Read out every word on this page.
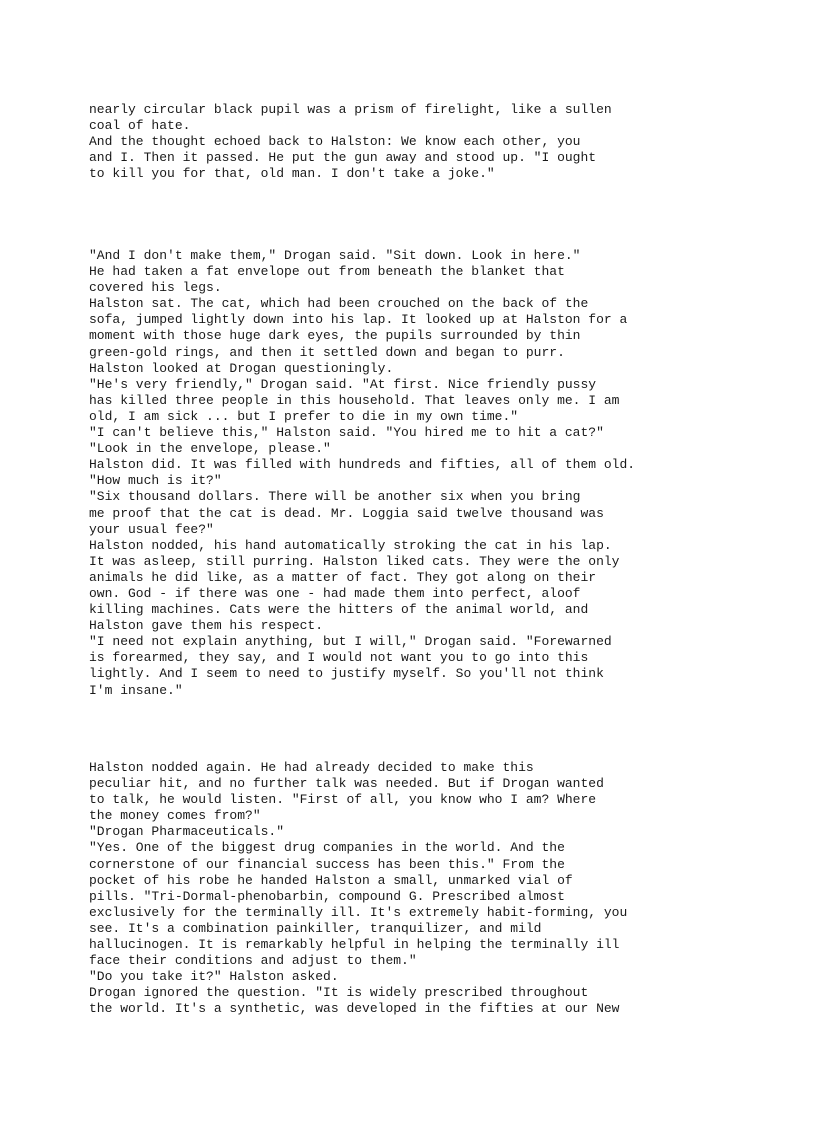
nearly circular black pupil was a prism of firelight, like a sullen
coal of hate.
And the thought echoed back to Halston: We know each other, you
and I. Then it passed. He put the gun away and stood up. "I ought
to kill you for that, old man. I don't take a joke."
"And I don't make them," Drogan said. "Sit down. Look in here."
He had taken a fat envelope out from beneath the blanket that
covered his legs.
Halston sat. The cat, which had been crouched on the back of the
sofa, jumped lightly down into his lap. It looked up at Halston for a
moment with those huge dark eyes, the pupils surrounded by thin
green-gold rings, and then it settled down and began to purr.
Halston looked at Drogan questioningly.
"He's very friendly," Drogan said. "At first. Nice friendly pussy
has killed three people in this household. That leaves only me. I am
old, I am sick ... but I prefer to die in my own time."
"I can't believe this," Halston said. "You hired me to hit a cat?"
"Look in the envelope, please."
Halston did. It was filled with hundreds and fifties, all of them old.
"How much is it?"
"Six thousand dollars. There will be another six when you bring
me proof that the cat is dead. Mr. Loggia said twelve thousand was
your usual fee?"
Halston nodded, his hand automatically stroking the cat in his lap.
It was asleep, still purring. Halston liked cats. They were the only
animals he did like, as a matter of fact. They got along on their
own. God - if there was one - had made them into perfect, aloof
killing machines. Cats were the hitters of the animal world, and
Halston gave them his respect.
"I need not explain anything, but I will," Drogan said. "Forewarned
is forearmed, they say, and I would not want you to go into this
lightly. And I seem to need to justify myself. So you'll not think
I'm insane."
Halston nodded again. He had already decided to make this
peculiar hit, and no further talk was needed. But if Drogan wanted
to talk, he would listen. "First of all, you know who I am? Where
the money comes from?"
"Drogan Pharmaceuticals."
"Yes. One of the biggest drug companies in the world. And the
cornerstone of our financial success has been this." From the
pocket of his robe he handed Halston a small, unmarked vial of
pills. "Tri-Dormal-phenobarbin, compound G. Prescribed almost
exclusively for the terminally ill. It's extremely habit-forming, you
see. It's a combination painkiller, tranquilizer, and mild
hallucinogen. It is remarkably helpful in helping the terminally ill
face their conditions and adjust to them."
"Do you take it?" Halston asked.
Drogan ignored the question. "It is widely prescribed throughout
the world. It's a synthetic, was developed in the fifties at our New
